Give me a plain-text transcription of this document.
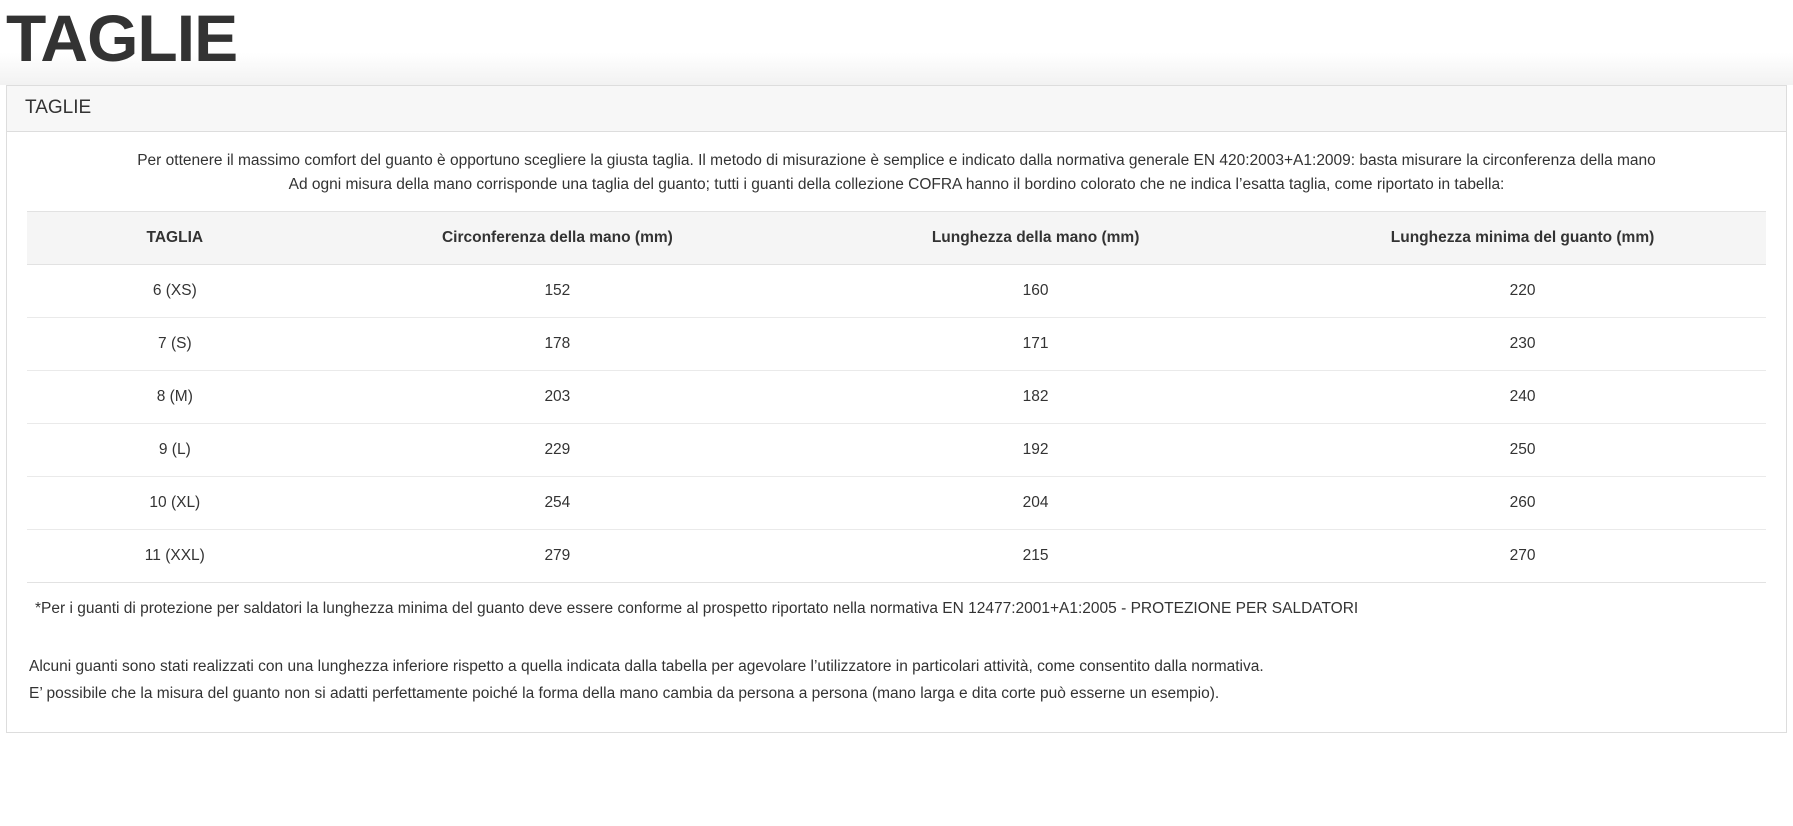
TAGLIE
TAGLIE
Per ottenere il massimo comfort del guanto è opportuno scegliere la giusta taglia. Il metodo di misurazione è semplice e indicato dalla normativa generale EN 420:2003+A1:2009: basta misurare la circonferenza della mano
Ad ogni misura della mano corrisponde una taglia del guanto; tutti i guanti della collezione COFRA hanno il bordino colorato che ne indica l’esatta taglia, come riportato in tabella:
TAGLIA	Circonferenza della mano (mm)	Lunghezza della mano (mm)	Lunghezza minima del guanto (mm)
6 (XS)	152	160	220
7 (S)	178	171	230
8 (M)	203	182	240
9 (L)	229	192	250
10 (XL)	254	204	260
11 (XXL)	279	215	270
*Per i guanti di protezione per saldatori la lunghezza minima del guanto deve essere conforme al prospetto riportato nella normativa EN 12477:2001+A1:2005 - PROTEZIONE PER SALDATORI

Alcuni guanti sono stati realizzati con una lunghezza inferiore rispetto a quella indicata dalla tabella per agevolare l’utilizzatore in particolari attività, come consentito dalla normativa.

E’ possibile che la misura del guanto non si adatti perfettamente poiché la forma della mano cambia da persona a persona (mano larga e dita corte può esserne un esempio).
